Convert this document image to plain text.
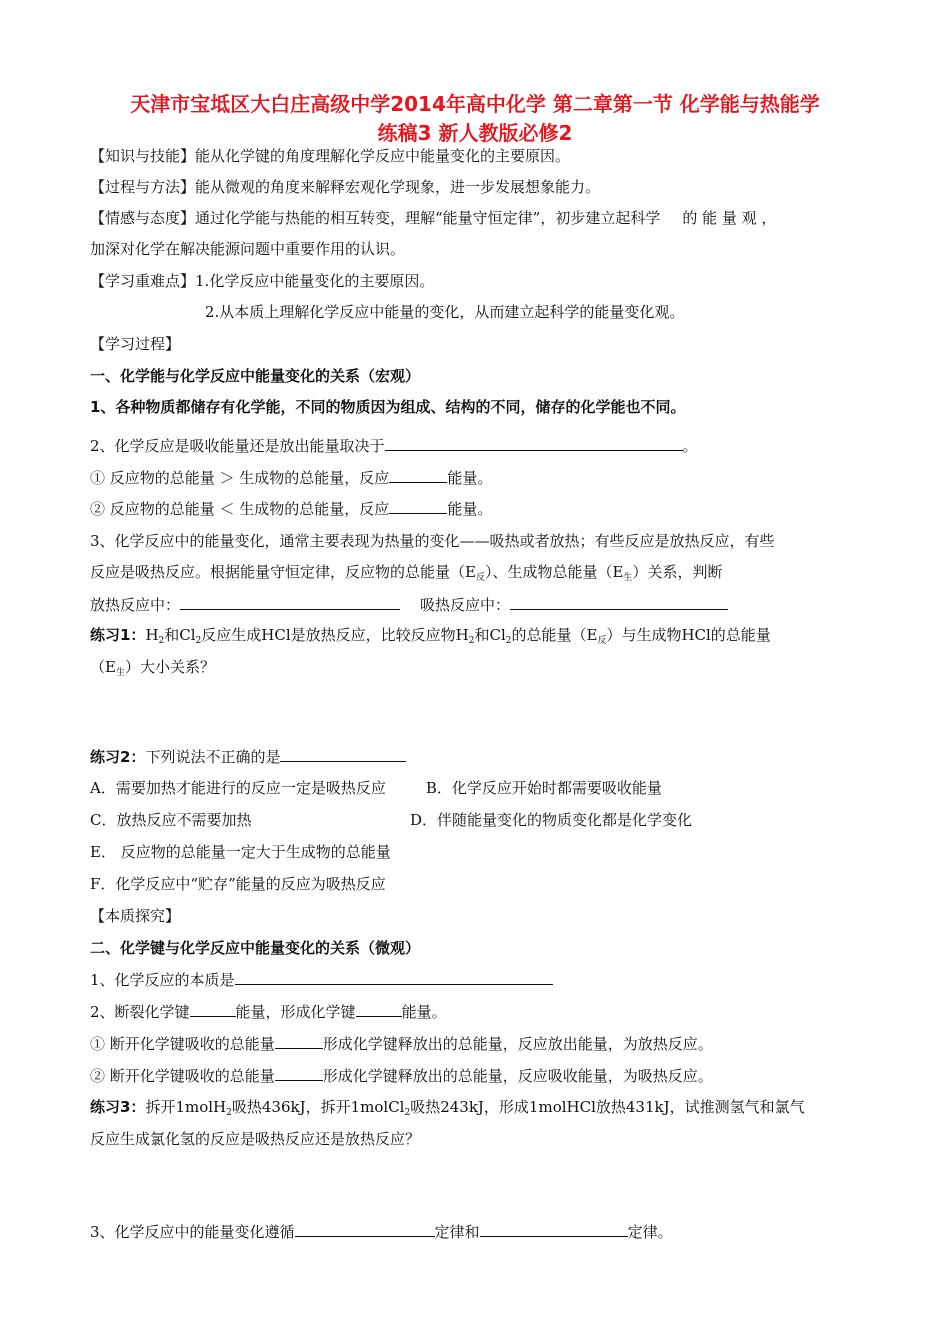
天津市宝坻区大白庄高级中学2014年高中化学 第二章第一节 化学能与热能学
练稿3 新人教版必修2
【知识与技能】能从化学键的角度理解化学反应中能量变化的主要原因。
【过程与方法】能从微观的角度来解释宏观化学现象，进一步发展想象能力。
【情感与态度】通过化学能与热能的相互转变，理解“能量守恒定律”，初步建立起科学 的 能 量 观 ，
加深对化学在解决能源问题中重要作用的认识。
【学习重难点】1.化学反应中能量变化的主要原因。
2.从本质上理解化学反应中能量的变化，从而建立起科学的能量变化观。
【学习过程】
一、化学能与化学反应中能量变化的关系（宏观）
1、各种物质都储存有化学能，不同的物质因为组成、结构的不同，储存的化学能也不同。
2、化学反应是吸收能量还是放出能量取决于	。
① 反应物的总能量 ＞ 生成物的总能量，反应	能量。
② 反应物的总能量 ＜ 生成物的总能量，反应	能量。
3、化学反应中的能量变化，通常主要表现为热量的变化——吸热或者放热；有些反应是放热反应，有些
反应是吸热反应。根据能量守恒定律，反应物的总能量$(E_反)$、生成物总能量$(E_生)$关系，判断
放热反应中：	吸热反应中：
练习1：$H_2$和$Cl_2$反应生成HCl是放热反应，比较反应物$H_2$和$Cl_2$的总能量$(E_反)$与生成物HCl的总能量
$(E_生)$大小关系？
练习2：下列说法不正确的是
A．需要加热才能进行的反应一定是吸热反应	B．化学反应开始时都需要吸收能量
C．放热反应不需要加热	D．伴随能量变化的物质变化都是化学变化
E． 反应物的总能量一定大于生成物的总能量
F．化学反应中“贮存”能量的反应为吸热反应
【本质探究】
二、化学键与化学反应中能量变化的关系（微观）
1、化学反应的本质是
2、断裂化学键	能量，形成化学键	能量。
① 断开化学键吸收的总能量	形成化学键释放出的总能量，反应放出能量，为放热反应。
② 断开化学键吸收的总能量	形成化学键释放出的总能量，反应吸收能量，为吸热反应。
练习3：拆开1molH$_2$吸热436kJ，拆开1molCl$_2$吸热243kJ，形成1molHCl放热431kJ，试推测氢气和氯气
反应生成氯化氢的反应是吸热反应还是放热反应？
3、化学反应中的能量变化遵循	定律和	定律。
